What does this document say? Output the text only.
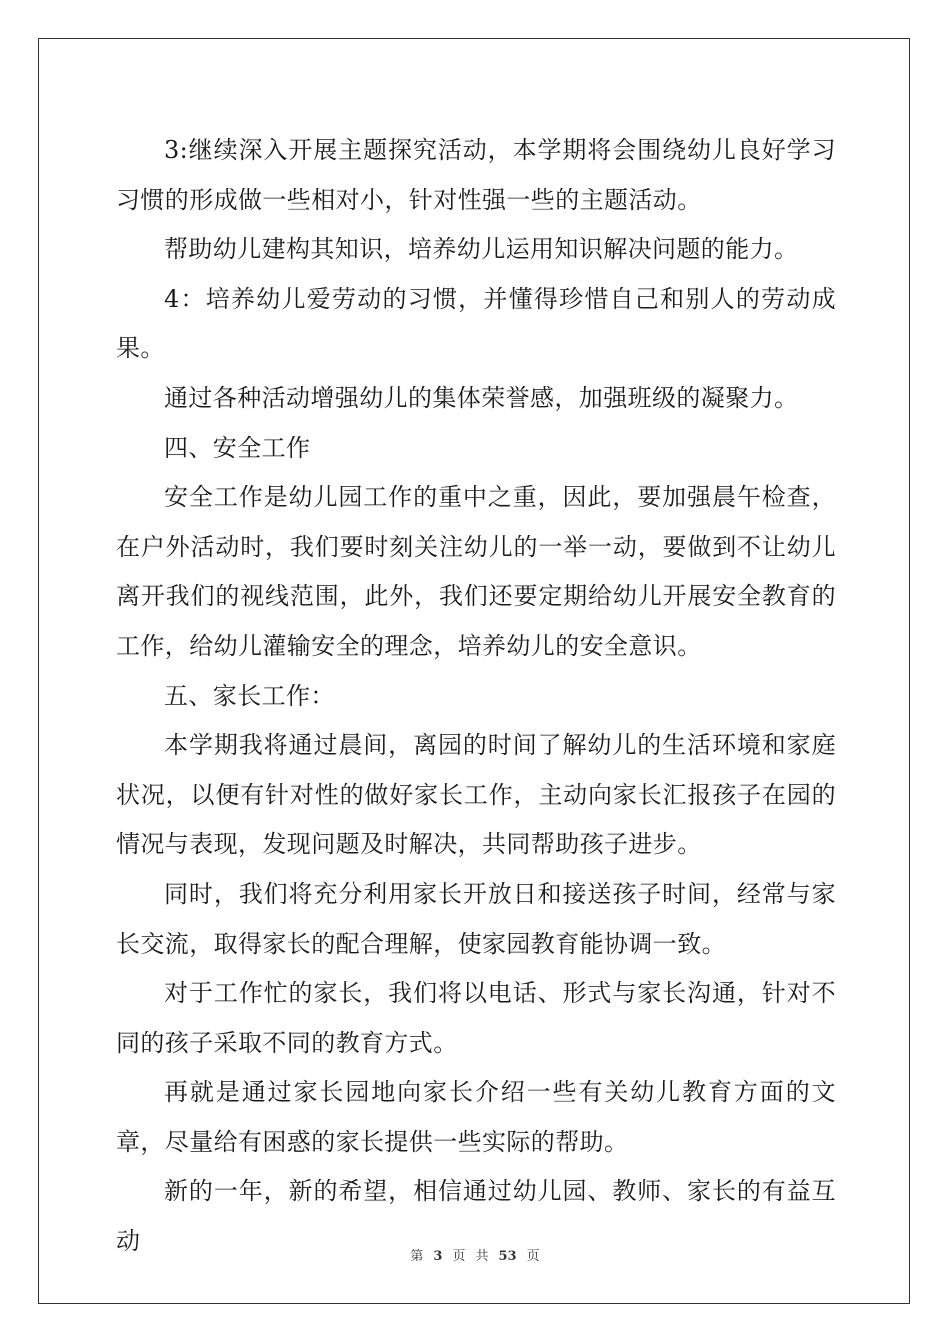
3:继续深入开展主题探究活动，本学期将会围绕幼儿良好学习习惯的形成做一些相对小，针对性强一些的主题活动。

帮助幼儿建构其知识，培养幼儿运用知识解决问题的能力。

4：培养幼儿爱劳动的习惯，并懂得珍惜自己和别人的劳动成果。

通过各种活动增强幼儿的集体荣誉感，加强班级的凝聚力。

四、安全工作

安全工作是幼儿园工作的重中之重，因此，要加强晨午检查，在户外活动时，我们要时刻关注幼儿的一举一动，要做到不让幼儿离开我们的视线范围，此外，我们还要定期给幼儿开展安全教育的工作，给幼儿灌输安全的理念，培养幼儿的安全意识。

五、家长工作：

本学期我将通过晨间，离园的时间了解幼儿的生活环境和家庭状况，以便有针对性的做好家长工作，主动向家长汇报孩子在园的情况与表现，发现问题及时解决，共同帮助孩子进步。

同时，我们将充分利用家长开放日和接送孩子时间，经常与家长交流，取得家长的配合理解，使家园教育能协调一致。

对于工作忙的家长，我们将以电话、形式与家长沟通，针对不同的孩子采取不同的教育方式。

再就是通过家长园地向家长介绍一些有关幼儿教育方面的文章，尽量给有困惑的家长提供一些实际的帮助。

新的一年，新的希望，相信通过幼儿园、教师、家长的有益互动

第 3 页 共 53 页
